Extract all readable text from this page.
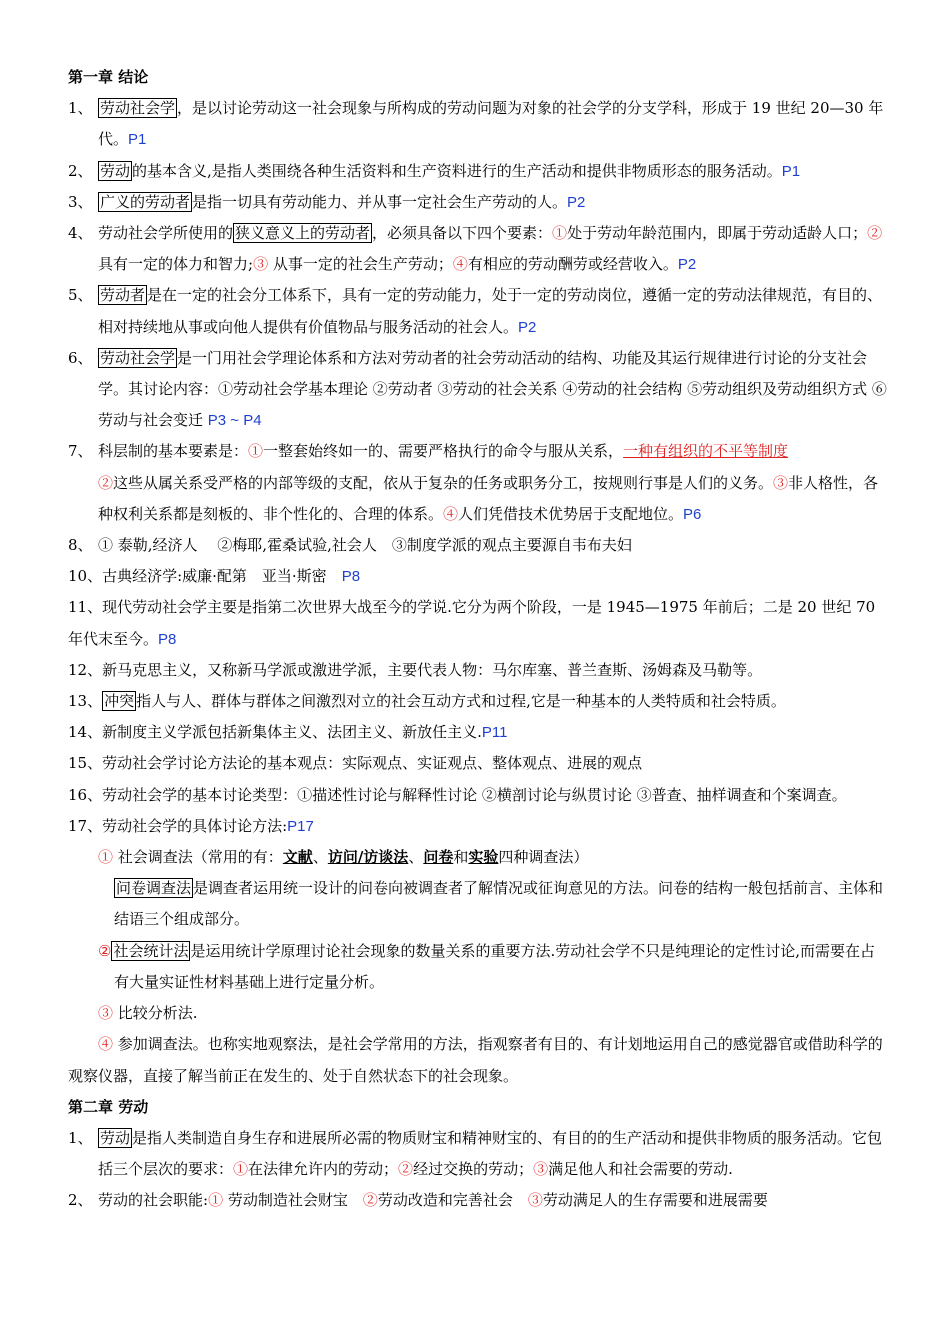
第一章 结论
1、 劳动社会学 ，是以讨论劳动这一社会现象与所构成的劳动问题为对象的社会学的分支学科，形成于 19 世纪 20—30 年代。P1
2、 劳动 的基本含义,是指人类围绕各种生活资料和生产资料进行的生产活动和提供非物质形态的服务活动。P1
3、 广义的劳动者 是指一切具有劳动能力、并从事一定社会生产劳动的人。P2
4、 劳动社会学所使用的 狭义意义上的劳动者 ，必须具备以下四个要素：①处于劳动年龄范围内，即属于劳动适龄人口；②具有一定的体力和智力;③ 从事一定的社会生产劳动；④有相应的劳动酬劳或经营收入。P2
5、 劳动者 是在一定的社会分工体系下，具有一定的劳动能力，处于一定的劳动岗位，遵循一定的劳动法律规范，有目的、相对持续地从事或向他人提供有价值物品与服务活动的社会人。P2
6、 劳动社会学 是一门用社会学理论体系和方法对劳动者的社会劳动活动的结构、功能及其运行规律进行讨论的分支社会学。其讨论内容：①劳动社会学基本理论 ②劳动者 ③劳动的社会关系 ④劳动的社会结构 ⑤劳动组织及劳动组织方式 ⑥劳动与社会变迁 P3 ~ P4
7、 科层制的基本要素是：①一整套始终如一的、需要严格执行的命令与服从关系，一种有组织的不平等制度
②这些从属关系受严格的内部等级的支配，依从于复杂的任务或职务分工，按规则行事是人们的义务。③非人格性，各种权利关系都是刻板的、非个性化的、合理的体系。④人们凭借技术优势居于支配地位。P6
8、 ① 泰勒,经济人　 ②梅耶,霍桑试验,社会人　③制度学派的观点主要源自韦布夫妇
10、古典经济学:威廉·配第　亚当·斯密　P8
11、现代劳动社会学主要是指第二次世界大战至今的学说.它分为两个阶段，一是 1945—1975 年前后；二是 20 世纪 70 年代末至今。P8
12、新马克思主义，又称新马学派或激进学派，主要代表人物：马尔库塞、普兰查斯、汤姆森及马勒等。
13、 冲突 指人与人、群体与群体之间激烈对立的社会互动方式和过程,它是一种基本的人类特质和社会特质。
14、新制度主义学派包括新集体主义、法团主义、新放任主义.P11
15、劳动社会学讨论方法论的基本观点：实际观点、实证观点、整体观点、进展的观点
16、劳动社会学的基本讨论类型：①描述性讨论与解释性讨论 ②横剖讨论与纵贯讨论 ③普查、抽样调查和个案调查。
17、劳动社会学的具体讨论方法:P17
① 社会调查法（常用的有：文献、访问/访谈法、问卷和实验四种调查法）
问卷调查法 是调查者运用统一设计的问卷向被调查者了解情况或征询意见的方法。问卷的结构一般包括前言、主体和结语三个组成部分。
② 社会统计法 是运用统计学原理讨论社会现象的数量关系的重要方法.劳动社会学不只是纯理论的定性讨论,而需要在占有大量实证性材料基础上进行定量分析。
③ 比较分析法.
④ 参加调查法。也称实地观察法，是社会学常用的方法，指观察者有目的、有计划地运用自己的感觉器官或借助科学的观察仪器，直接了解当前正在发生的、处于自然状态下的社会现象。
第二章 劳动
1、 劳动 是指人类制造自身生存和进展所必需的物质财宝和精神财宝的、有目的的生产活动和提供非物质的服务活动。它包括三个层次的要求：①在法律允许内的劳动；②经过交换的劳动；③满足他人和社会需要的劳动.
2、 劳动的社会职能:① 劳动制造社会财宝　②劳动改造和完善社会　③劳动满足人的生存需要和进展需要
